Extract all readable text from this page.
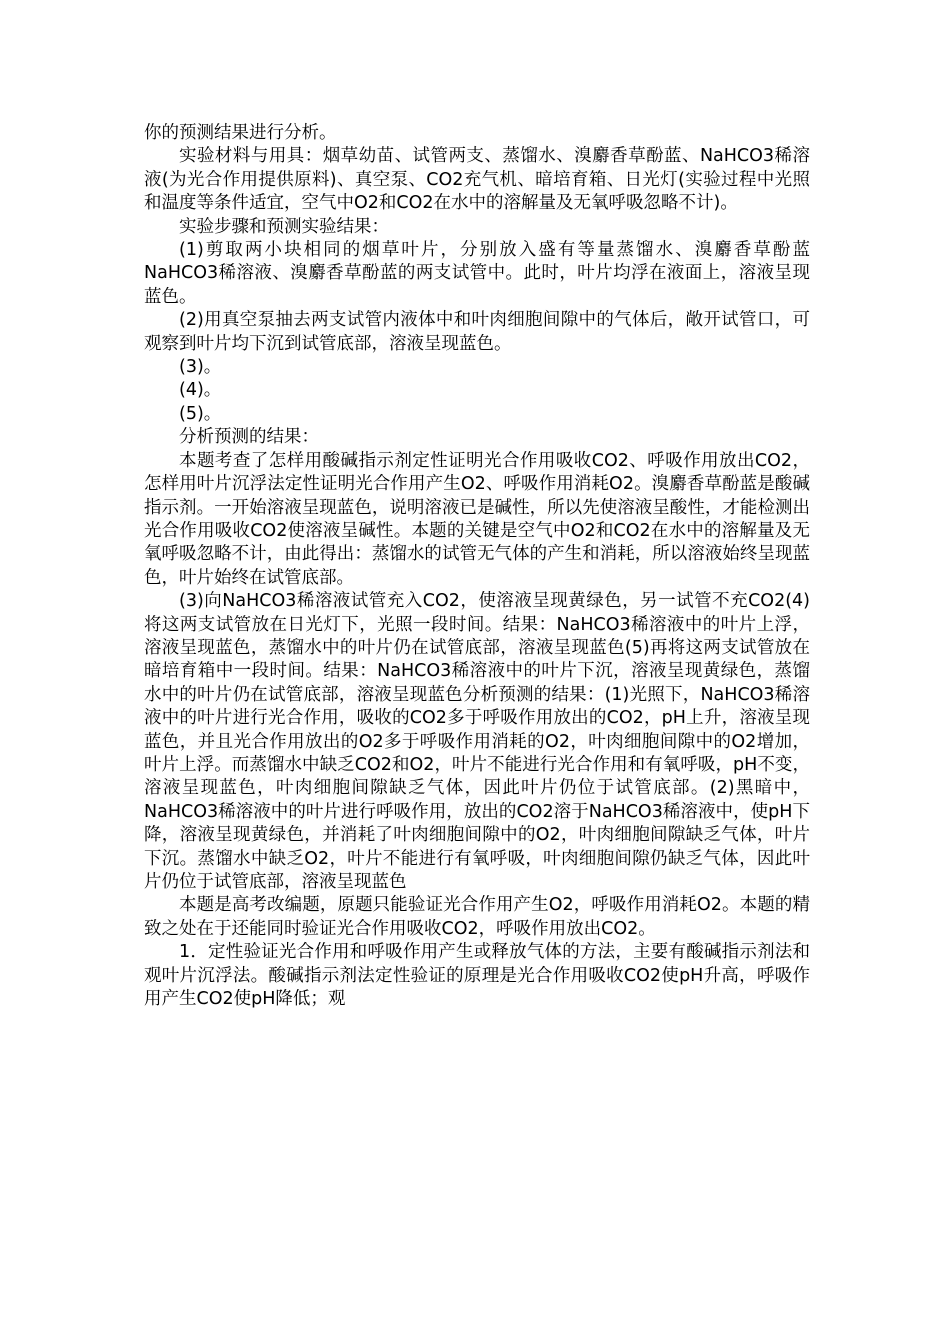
你的预测结果进行分析。

实验材料与用具：烟草幼苗、试管两支、蒸馏水、溴麝香草酚蓝、NaHCO3稀溶液(为光合作用提供原料)、真空泵、CO2充气机、暗培育箱、日光灯(实验过程中光照和温度等条件适宜，空气中O2和CO2在水中的溶解量及无氧呼吸忽略不计)。

实验步骤和预测实验结果：

(1)剪取两小块相同的烟草叶片，分别放入盛有等量蒸馏水、溴麝香草酚蓝NaHCO3稀溶液、溴麝香草酚蓝的两支试管中。此时，叶片均浮在液面上，溶液呈现蓝色。

(2)用真空泵抽去两支试管内液体中和叶肉细胞间隙中的气体后，敞开试管口，可观察到叶片均下沉到试管底部，溶液呈现蓝色。

(3)。

(4)。

(5)。

分析预测的结果：

本题考查了怎样用酸碱指示剂定性证明光合作用吸收CO2、呼吸作用放出CO2，怎样用叶片沉浮法定性证明光合作用产生O2、呼吸作用消耗O2。溴麝香草酚蓝是酸碱指示剂。一开始溶液呈现蓝色，说明溶液已是碱性，所以先使溶液呈酸性，才能检测出光合作用吸收CO2使溶液呈碱性。本题的关键是空气中O2和CO2在水中的溶解量及无氧呼吸忽略不计，由此得出：蒸馏水的试管无气体的产生和消耗，所以溶液始终呈现蓝色，叶片始终在试管底部。

(3)向NaHCO3稀溶液试管充入CO2，使溶液呈现黄绿色，另一试管不充CO2(4)将这两支试管放在日光灯下，光照一段时间。结果：NaHCO3稀溶液中的叶片上浮，溶液呈现蓝色，蒸馏水中的叶片仍在试管底部，溶液呈现蓝色(5)再将这两支试管放在暗培育箱中一段时间。结果：NaHCO3稀溶液中的叶片下沉，溶液呈现黄绿色，蒸馏水中的叶片仍在试管底部，溶液呈现蓝色分析预测的结果：(1)光照下，NaHCO3稀溶液中的叶片进行光合作用，吸收的CO2多于呼吸作用放出的CO2，pH上升，溶液呈现蓝色，并且光合作用放出的O2多于呼吸作用消耗的O2，叶肉细胞间隙中的O2增加，叶片上浮。而蒸馏水中缺乏CO2和O2，叶片不能进行光合作用和有氧呼吸，pH不变，溶液呈现蓝色，叶肉细胞间隙缺乏气体，因此叶片仍位于试管底部。(2)黑暗中，NaHCO3稀溶液中的叶片进行呼吸作用，放出的CO2溶于NaHCO3稀溶液中，使pH下降，溶液呈现黄绿色，并消耗了叶肉细胞间隙中的O2，叶肉细胞间隙缺乏气体，叶片下沉。蒸馏水中缺乏O2，叶片不能进行有氧呼吸，叶肉细胞间隙仍缺乏气体，因此叶片仍位于试管底部，溶液呈现蓝色

本题是高考改编题，原题只能验证光合作用产生O2，呼吸作用消耗O2。本题的精致之处在于还能同时验证光合作用吸收CO2，呼吸作用放出CO2。

1．定性验证光合作用和呼吸作用产生或释放气体的方法，主要有酸碱指示剂法和观叶片沉浮法。酸碱指示剂法定性验证的原理是光合作用吸收CO2使pH升高，呼吸作用产生CO2使pH降低；观
